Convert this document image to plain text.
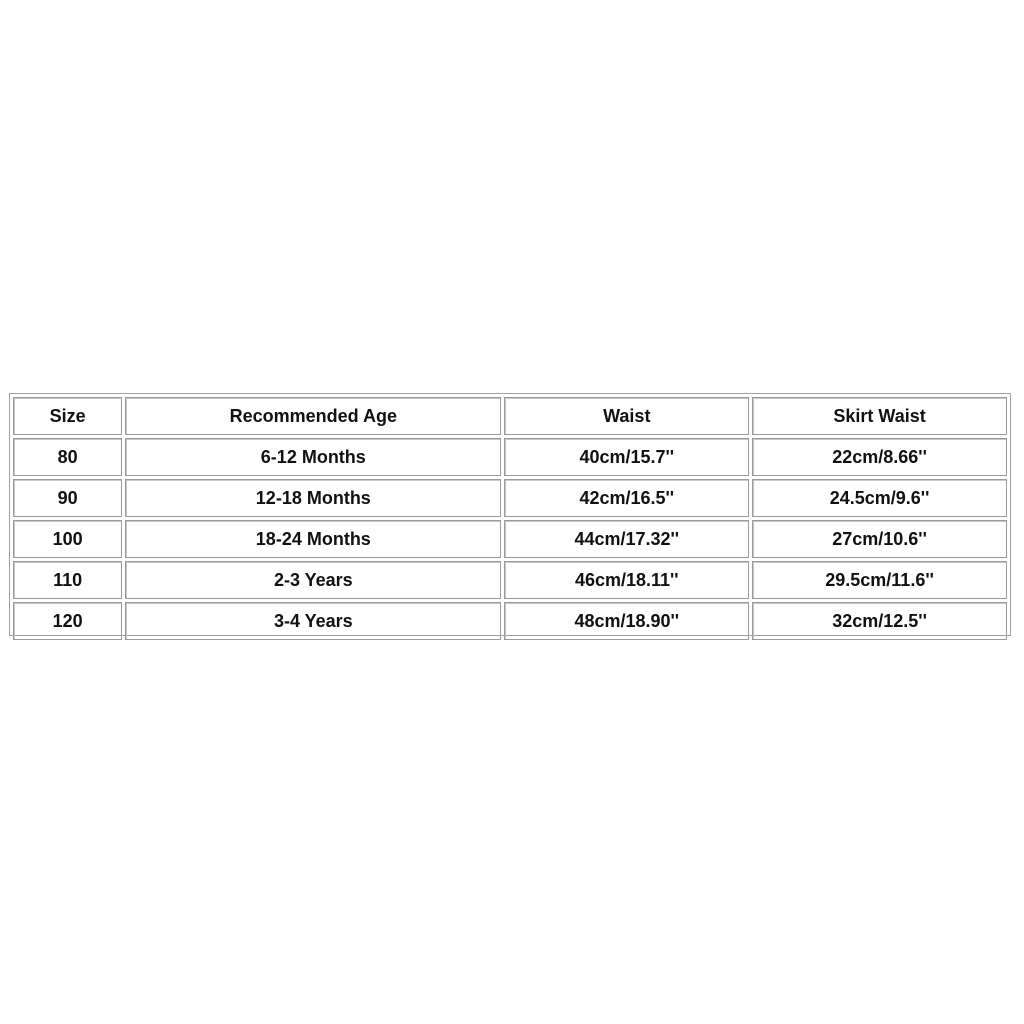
Size	Recommended Age	Waist	Skirt Waist
80	6-12 Months	40cm/15.7''	22cm/8.66''
90	12-18 Months	42cm/16.5''	24.5cm/9.6''
100	18-24 Months	44cm/17.32''	27cm/10.6''
110	2-3 Years	46cm/18.11''	29.5cm/11.6''
120	3-4 Years	48cm/18.90''	32cm/12.5''
